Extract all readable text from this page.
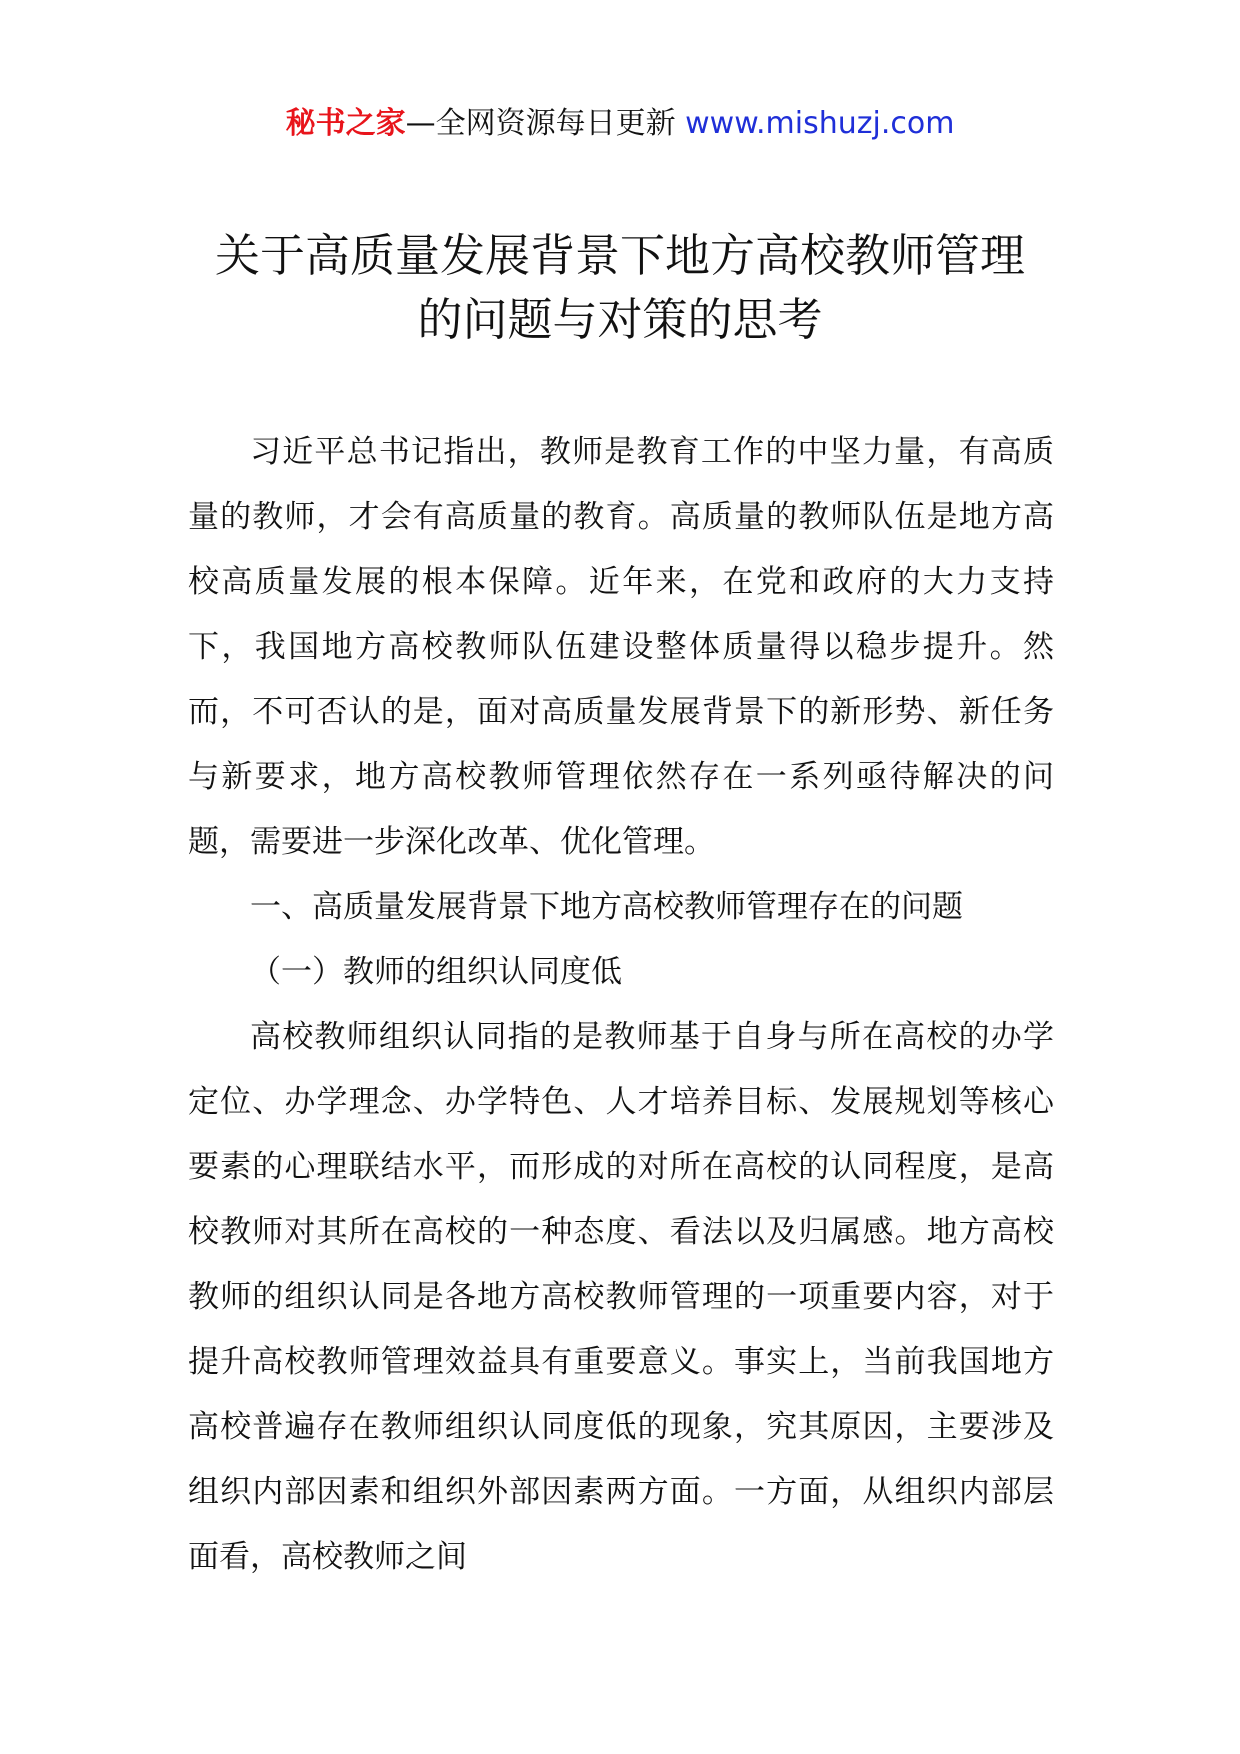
秘书之家—全网资源每日更新 www.mishuzj.com
关于高质量发展背景下地方高校教师管理
的问题与对策的思考

习近平总书记指出，教师是教育工作的中坚力量，有高质量的教师，才会有高质量的教育。高质量的教师队伍是地方高校高质量发展的根本保障。近年来，在党和政府的大力支持下，我国地方高校教师队伍建设整体质量得以稳步提升。然而，不可否认的是，面对高质量发展背景下的新形势、新任务与新要求，地方高校教师管理依然存在一系列亟待解决的问题，需要进一步深化改革、优化管理。

一、高质量发展背景下地方高校教师管理存在的问题
（一）教师的组织认同度低

高校教师组织认同指的是教师基于自身与所在高校的办学定位、办学理念、办学特色、人才培养目标、发展规划等核心要素的心理联结水平，而形成的对所在高校的认同程度，是高校教师对其所在高校的一种态度、看法以及归属感。地方高校教师的组织认同是各地方高校教师管理的一项重要内容，对于提升高校教师管理效益具有重要意义。事实上，当前我国地方高校普遍存在教师组织认同度低的现象，究其原因，主要涉及组织内部因素和组织外部因素两方面。一方面，从组织内部层面看，高校教师之间
